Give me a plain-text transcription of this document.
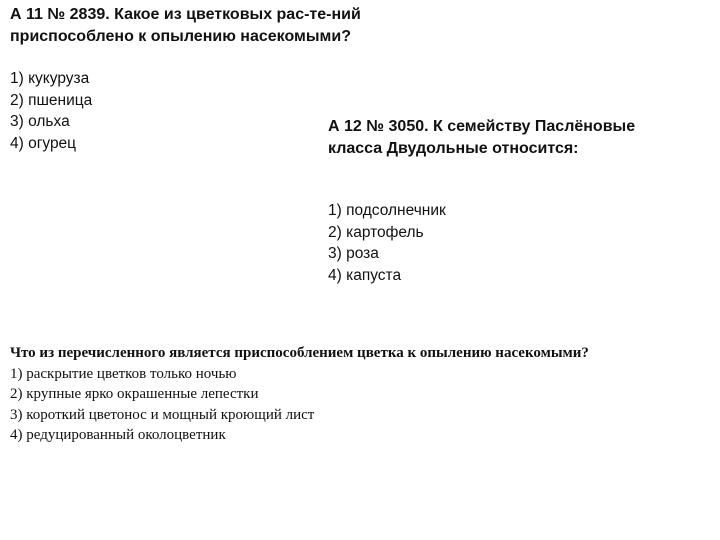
А 11 № 2839. Какое из цветковых рас-те-ний
приспособлено к опылению насекомыми?

1) кукуруза
2) пшеница
3) ольха
4) огурец

А 12 № 3050. К семейству Паслёновые
класса Двудольные относится:

1) подсолнечник
2) картофель
3) роза
4) капуста

Что из перечисленного является приспособлением цветка к опылению насекомыми?

1) раскрытие цветков только ночью
2) крупные ярко окрашенные лепестки
3) короткий цветонос и мощный кроющий лист
4) редуцированный околоцветник
